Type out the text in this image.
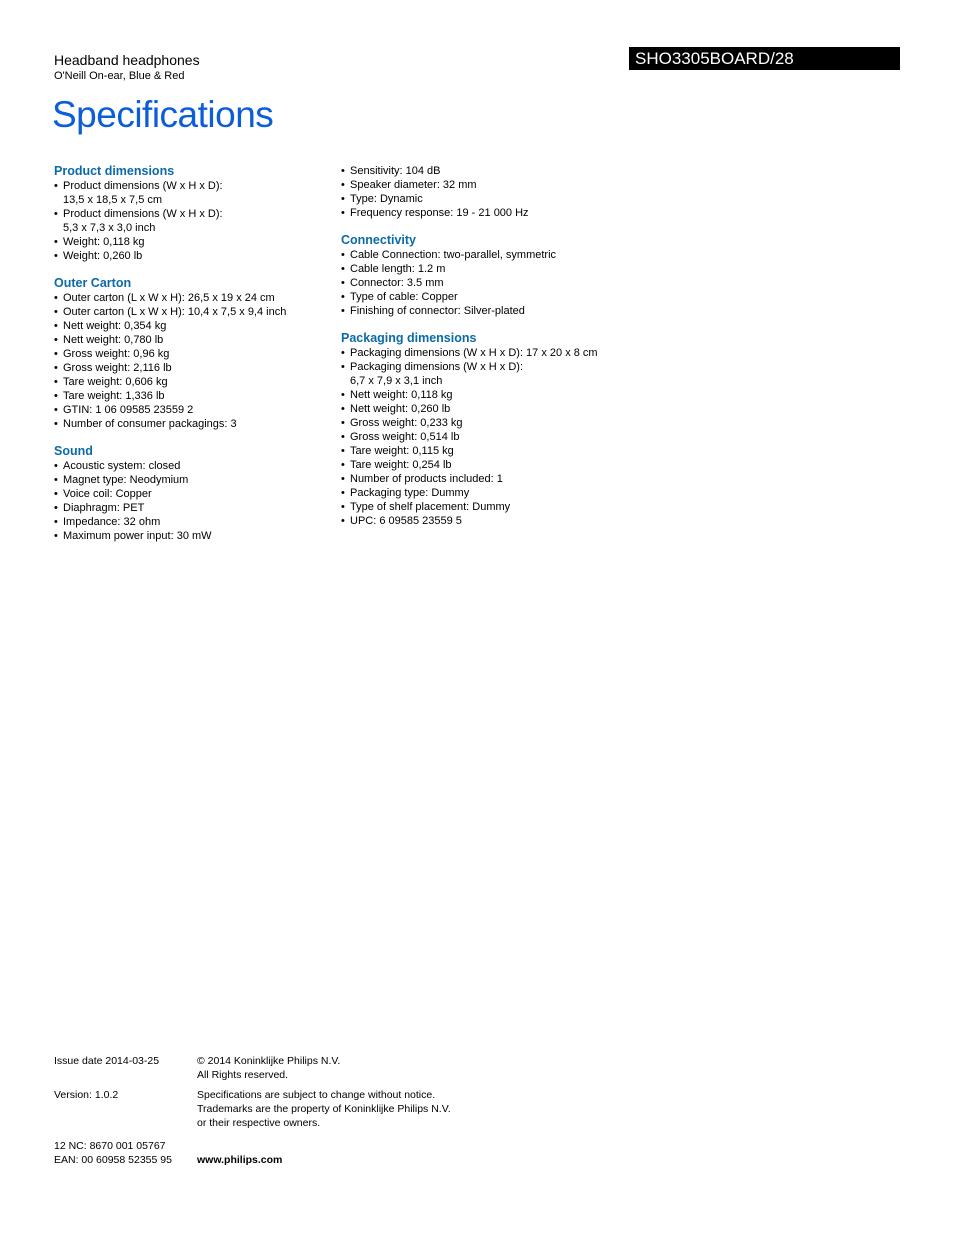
Headband headphones
O'Neill On-ear, Blue & Red
SHO3305BOARD/28
Specifications
Product dimensions
• Product dimensions (W x H x D):
13,5 x 18,5 x 7,5 cm
• Product dimensions (W x H x D):
5,3 x 7,3 x 3,0 inch
• Weight: 0,118 kg
• Weight: 0,260 lb
Outer Carton
• Outer carton (L x W x H): 26,5 x 19 x 24 cm
• Outer carton (L x W x H): 10,4 x 7,5 x 9,4 inch
• Nett weight: 0,354 kg
• Nett weight: 0,780 lb
• Gross weight: 0,96 kg
• Gross weight: 2,116 lb
• Tare weight: 0,606 kg
• Tare weight: 1,336 lb
• GTIN: 1 06 09585 23559 2
• Number of consumer packagings: 3
Sound
• Acoustic system: closed
• Magnet type: Neodymium
• Voice coil: Copper
• Diaphragm: PET
• Impedance: 32 ohm
• Maximum power input: 30 mW
• Sensitivity: 104 dB
• Speaker diameter: 32 mm
• Type: Dynamic
• Frequency response: 19 - 21 000 Hz
Connectivity
• Cable Connection: two-parallel, symmetric
• Cable length: 1.2 m
• Connector: 3.5 mm
• Type of cable: Copper
• Finishing of connector: Silver-plated
Packaging dimensions
• Packaging dimensions (W x H x D): 17 x 20 x 8 cm
• Packaging dimensions (W x H x D):
6,7 x 7,9 x 3,1 inch
• Nett weight: 0,118 kg
• Nett weight: 0,260 lb
• Gross weight: 0,233 kg
• Gross weight: 0,514 lb
• Tare weight: 0,115 kg
• Tare weight: 0,254 lb
• Number of products included: 1
• Packaging type: Dummy
• Type of shelf placement: Dummy
• UPC: 6 09585 23559 5
Issue date 2014-03-25
Version: 1.0.2
12 NC: 8670 001 05767
EAN: 00 60958 52355 95
© 2014 Koninklijke Philips N.V.
All Rights reserved.
Specifications are subject to change without notice.
Trademarks are the property of Koninklijke Philips N.V.
or their respective owners.
www.philips.com
